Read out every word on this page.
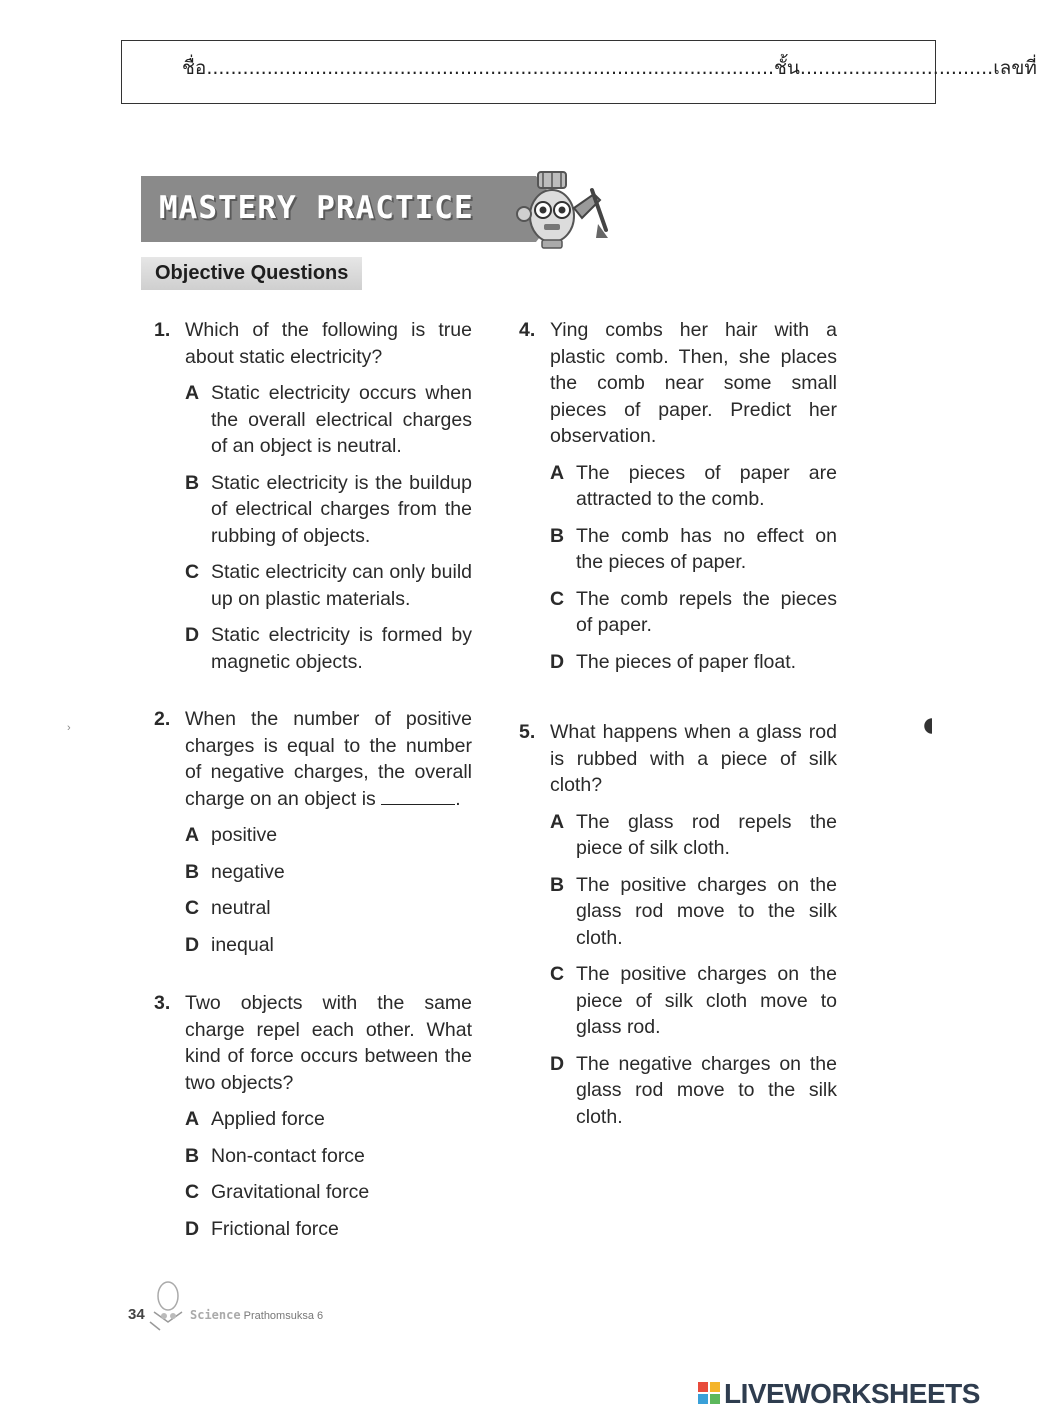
ชื่อ..............................................................................................ชั้น................................เลขที่
MASTERY PRACTICE
Objective Questions
1. Which of the following is true about static electricity?
A Static electricity occurs when the overall electrical charges of an object is neutral.
B Static electricity is the buildup of electrical charges from the rubbing of objects.
C Static electricity can only build up on plastic materials.
D Static electricity is formed by magnetic objects.
2. When the number of positive charges is equal to the number of negative charges, the overall charge on an object is	.
A positive
B negative
C neutral
D inequal
3. Two objects with the same charge repel each other. What kind of force occurs between the two objects?
A Applied force
B Non-contact force
C Gravitational force
D Frictional force
4. Ying combs her hair with a plastic comb. Then, she places the comb near some small pieces of paper. Predict her observation.
A The pieces of paper are attracted to the comb.
B The comb has no effect on the pieces of paper.
C The comb repels the pieces of paper.
D The pieces of paper float.
5. What happens when a glass rod is rubbed with a piece of silk cloth?
A The glass rod repels the piece of silk cloth.
B The positive charges on the glass rod move to the silk cloth.
C The positive charges on the piece of silk cloth move to glass rod.
D The negative charges on the glass rod move to the silk cloth.
›
34	Science Prathomsuksa 6
LIVEWORKSHEETS
